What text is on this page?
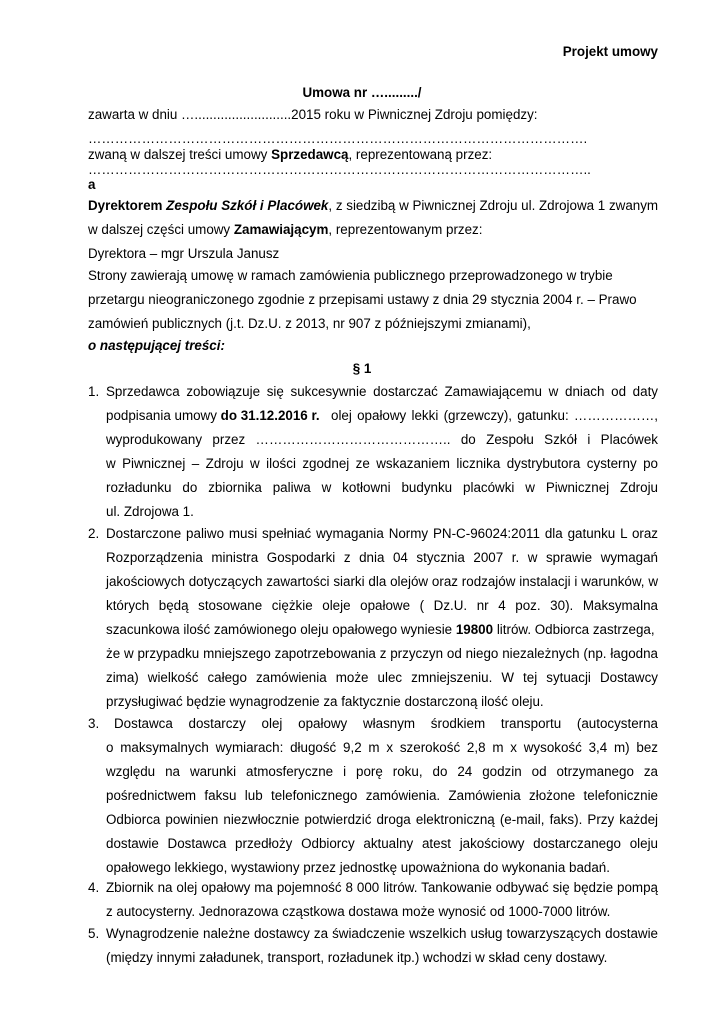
Projekt umowy
Umowa nr …........./
zawarta w dniu …..........................2015 roku w Piwnicznej Zdroju pomiędzy:
………………………………………………………………………………………………….
zwaną w dalszej treści umowy Sprzedawcą, reprezentowaną przez:
…………………………………………………………………………………………………..
a
Dyrektorem Zespołu Szkół i Placówek, z siedzibą w Piwnicznej Zdroju ul. Zdrojowa 1 zwanym
w dalszej części umowy Zamawiającym, reprezentowanym przez:
Dyrektora – mgr Urszula Janusz
Strony zawierają umowę w ramach zamówienia publicznego przeprowadzonego w trybie
przetargu nieograniczonego zgodnie z przepisami ustawy z dnia 29 stycznia 2004 r. – Prawo
zamówień publicznych (j.t. Dz.U. z 2013, nr 907 z późniejszymi zmianami),
o następującej treści:
§ 1
1. Sprzedawca zobowiązuje się sukcesywnie dostarczać Zamawiającemu w dniach od daty
podpisania umowy do 31.12.2016 r. olej opałowy lekki (grzewczy), gatunku: ………………,
wyprodukowany przez …………………………………….. do Zespołu Szkół i Placówek
w Piwnicznej – Zdroju w ilości zgodnej ze wskazaniem licznika dystrybutora cysterny po
rozładunku do zbiornika paliwa w kotłowni budynku placówki w Piwnicznej Zdroju
ul. Zdrojowa 1.
2. Dostarczone paliwo musi spełniać wymagania Normy PN-C-96024:2011 dla gatunku L oraz
Rozporządzenia ministra Gospodarki z dnia 04 stycznia 2007 r. w sprawie wymagań
jakościowych dotyczących zawartości siarki dla olejów oraz rodzajów instalacji i warunków, w
których będą stosowane ciężkie oleje opałowe ( Dz.U. nr 4 poz. 30). Maksymalna
szacunkowa ilość zamówionego oleju opałowego wyniesie 19800 litrów. Odbiorca zastrzega,
że w przypadku mniejszego zapotrzebowania z przyczyn od niego niezależnych (np. łagodna
zima) wielkość całego zamówienia może ulec zmniejszeniu. W tej sytuacji Dostawcy
przysługiwać będzie wynagrodzenie za faktycznie dostarczoną ilość oleju.
3. Dostawca dostarczy olej opałowy własnym środkiem transportu (autocysterna
o maksymalnych wymiarach: długość 9,2 m x szerokość 2,8 m x wysokość 3,4 m) bez
względu na warunki atmosferyczne i porę roku, do 24 godzin od otrzymanego za
pośrednictwem faksu lub telefonicznego zamówienia. Zamówienia złożone telefonicznie
Odbiorca powinien niezwłocznie potwierdzić droga elektroniczną (e-mail, faks). Przy każdej
dostawie Dostawca przedłoży Odbiorcy aktualny atest jakościowy dostarczanego oleju
opałowego lekkiego, wystawiony przez jednostkę upoważniona do wykonania badań.
4. Zbiornik na olej opałowy ma pojemność 8 000 litrów. Tankowanie odbywać się będzie pompą
z autocysterny. Jednorazowa cząstkowa dostawa może wynosić od 1000-7000 litrów.
5. Wynagrodzenie należne dostawcy za świadczenie wszelkich usług towarzyszących dostawie
(między innymi załadunek, transport, rozładunek itp.) wchodzi w skład ceny dostawy.
